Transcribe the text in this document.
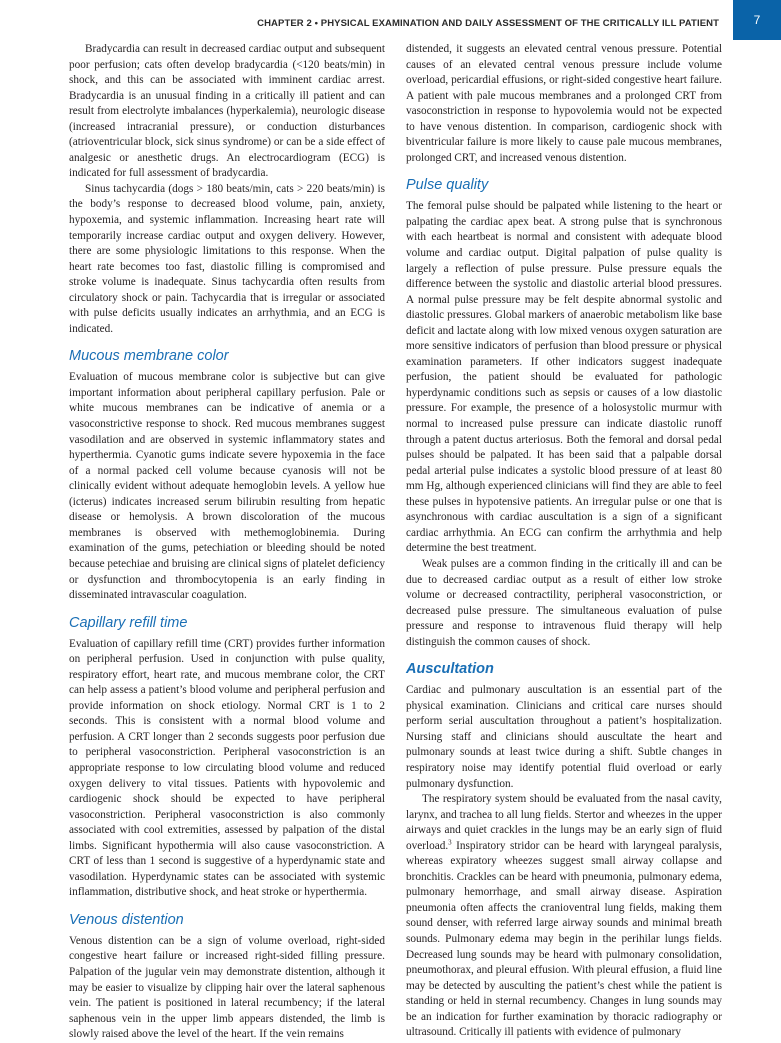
CHAPTER 2 • PHYSICAL EXAMINATION AND DAILY ASSESSMENT OF THE CRITICALLY ILL PATIENT	7

Bradycardia can result in decreased cardiac output and subsequent poor perfusion; cats often develop bradycardia (<120 beats/min) in shock, and this can be associated with imminent cardiac arrest. Bradycardia is an unusual finding in a critically ill patient and can result from electrolyte imbalances (hyperkalemia), neurologic disease (increased intracranial pressure), or conduction disturbances (atrioventricular block, sick sinus syndrome) or can be a side effect of analgesic or anesthetic drugs. An electrocardiogram (ECG) is indicated for full assessment of bradycardia.

Sinus tachycardia (dogs > 180 beats/min, cats > 220 beats/min) is the body’s response to decreased blood volume, pain, anxiety, hypoxemia, and systemic inflammation. Increasing heart rate will temporarily increase cardiac output and oxygen delivery. However, there are some physiologic limitations to this response. When the heart rate becomes too fast, diastolic filling is compromised and stroke volume is inadequate. Sinus tachycardia often results from circulatory shock or pain. Tachycardia that is irregular or associated with pulse deficits usually indicates an arrhythmia, and an ECG is indicated.

Mucous membrane color

Evaluation of mucous membrane color is subjective but can give important information about peripheral capillary perfusion. Pale or white mucous membranes can be indicative of anemia or a vasoconstrictive response to shock. Red mucous membranes suggest vasodilation and are observed in systemic inflammatory states and hyperthermia. Cyanotic gums indicate severe hypoxemia in the face of a normal packed cell volume because cyanosis will not be clinically evident without adequate hemoglobin levels. A yellow hue (icterus) indicates increased serum bilirubin resulting from hepatic disease or hemolysis. A brown discoloration of the mucous membranes is observed with methemoglobinemia. During examination of the gums, petechiation or bleeding should be noted because petechiae and bruising are clinical signs of platelet deficiency or dysfunction and thrombocytopenia is an early finding in disseminated intravascular coagulation.

Capillary refill time

Evaluation of capillary refill time (CRT) provides further information on peripheral perfusion. Used in conjunction with pulse quality, respiratory effort, heart rate, and mucous membrane color, the CRT can help assess a patient’s blood volume and peripheral perfusion and provide information on shock etiology. Normal CRT is 1 to 2 seconds. This is consistent with a normal blood volume and perfusion. A CRT longer than 2 seconds suggests poor perfusion due to peripheral vasoconstriction. Peripheral vasoconstriction is an appropriate response to low circulating blood volume and reduced oxygen delivery to vital tissues. Patients with hypovolemic and cardiogenic shock should be expected to have peripheral vasoconstriction. Peripheral vasoconstriction is also commonly associated with cool extremities, assessed by palpation of the distal limbs. Significant hypothermia will also cause vasoconstriction. A CRT of less than 1 second is suggestive of a hyperdynamic state and vasodilation. Hyperdynamic states can be associated with systemic inflammation, distributive shock, and heat stroke or hyperthermia.

Venous distention

Venous distention can be a sign of volume overload, right-sided congestive heart failure or increased right-sided filling pressure. Palpation of the jugular vein may demonstrate distention, although it may be easier to visualize by clipping hair over the lateral saphenous vein. The patient is positioned in lateral recumbency; if the lateral saphenous vein in the upper limb appears distended, the limb is slowly raised above the level of the heart. If the vein remains

distended, it suggests an elevated central venous pressure. Potential causes of an elevated central venous pressure include volume overload, pericardial effusions, or right-sided congestive heart failure. A patient with pale mucous membranes and a prolonged CRT from vasoconstriction in response to hypovolemia would not be expected to have venous distention. In comparison, cardiogenic shock with biventricular failure is more likely to cause pale mucous membranes, prolonged CRT, and increased venous distention.

Pulse quality

The femoral pulse should be palpated while listening to the heart or palpating the cardiac apex beat. A strong pulse that is synchronous with each heartbeat is normal and consistent with adequate blood volume and cardiac output. Digital palpation of pulse quality is largely a reflection of pulse pressure. Pulse pressure equals the difference between the systolic and diastolic arterial blood pressures. A normal pulse pressure may be felt despite abnormal systolic and diastolic pressures. Global markers of anaerobic metabolism like base deficit and lactate along with low mixed venous oxygen saturation are more sensitive indicators of perfusion than blood pressure or physical examination parameters. If other indicators suggest inadequate perfusion, the patient should be evaluated for pathologic hyperdynamic conditions such as sepsis or causes of a low diastolic pressure. For example, the presence of a holosystolic murmur with normal to increased pulse pressure can indicate diastolic runoff through a patent ductus arteriosus. Both the femoral and dorsal pedal pulses should be palpated. It has been said that a palpable dorsal pedal arterial pulse indicates a systolic blood pressure of at least 80 mm Hg, although experienced clinicians will find they are able to feel these pulses in hypotensive patients. An irregular pulse or one that is asynchronous with cardiac auscultation is a sign of a significant cardiac arrhythmia. An ECG can confirm the arrhythmia and help determine the best treatment.

Weak pulses are a common finding in the critically ill and can be due to decreased cardiac output as a result of either low stroke volume or decreased contractility, peripheral vasoconstriction, or decreased pulse pressure. The simultaneous evaluation of pulse pressure and response to intravenous fluid therapy will help distinguish the common causes of shock.

Auscultation

Cardiac and pulmonary auscultation is an essential part of the physical examination. Clinicians and critical care nurses should perform serial auscultation throughout a patient’s hospitalization. Nursing staff and clinicians should auscultate the heart and pulmonary sounds at least twice during a shift. Subtle changes in respiratory noise may identify potential fluid overload or early pulmonary dysfunction.

The respiratory system should be evaluated from the nasal cavity, larynx, and trachea to all lung fields. Stertor and wheezes in the upper airways and quiet crackles in the lungs may be an early sign of fluid overload.$^3$ Inspiratory stridor can be heard with laryngeal paralysis, whereas expiratory wheezes suggest small airway collapse and bronchitis. Crackles can be heard with pneumonia, pulmonary edema, pulmonary hemorrhage, and small airway disease. Aspiration pneumonia often affects the cranioventral lung fields, making them sound denser, with referred large airway sounds and minimal breath sounds. Pulmonary edema may begin in the perihilar lungs fields. Decreased lung sounds may be heard with pulmonary consolidation, pneumothorax, and pleural effusion. With pleural effusion, a fluid line may be detected by ausculting the patient’s chest while the patient is standing or held in sternal recumbency. Changes in lung sounds may be an indication for further examination by thoracic radiography or ultrasound. Critically ill patients with evidence of pulmonary
